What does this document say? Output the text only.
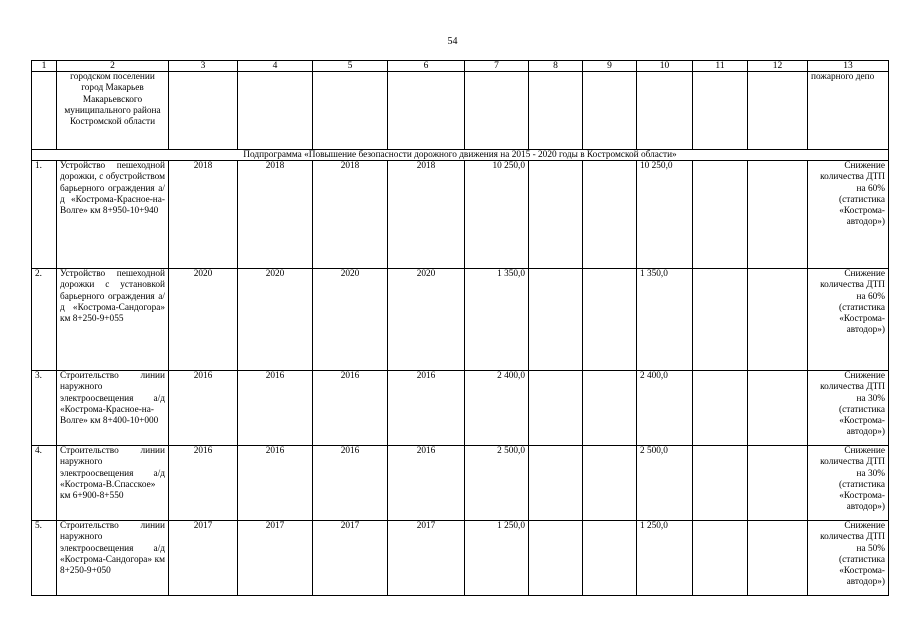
54
1	2	3	4	5	6	7	8	9	10	11	12	13
	городском поселении город Макарьев Макарьевского муниципального района Костромской области											пожарного депо
Подпрограмма «Повышение безопасности дорожного движения на 2015 - 2020 годы в Костромской области»												
1.	Устройство пешеходной дорожки, с обустройством барьерного ограждения а/д «Кострома-Красное-на-Волге» км 8+950-10+940	2018	2018	2018	2018	10 250,0			10 250,0			Снижение количества ДТП на 60% (статистика «Кострома-автодор»)
2.	Устройство пешеходной дорожки с установкой барьерного ограждения а/д «Кострома-Сандогора» км 8+250-9+055	2020	2020	2020	2020	1 350,0			1 350,0			Снижение количества ДТП на 60% (статистика «Кострома-автодор»)
3.	Строительство линии наружного электроосвещения а/д «Кострома-Красное-на-Волге» км 8+400-10+000	2016	2016	2016	2016	2 400,0			2 400,0			Снижение количества ДТП на 30% (статистика «Кострома-автодор»)
4.	Строительство линии наружного электроосвещения а/д «Кострома-В.Спасское» км 6+900-8+550	2016	2016	2016	2016	2 500,0			2 500,0			Снижение количества ДТП на 30% (статистика «Кострома-автодор»)
5.	Строительство линии наружного электроосвещения а/д «Кострома-Сандогора» км 8+250-9+050	2017	2017	2017	2017	1 250,0			1 250,0			Снижение количества ДТП на 50% (статистика «Кострома-автодор»)
